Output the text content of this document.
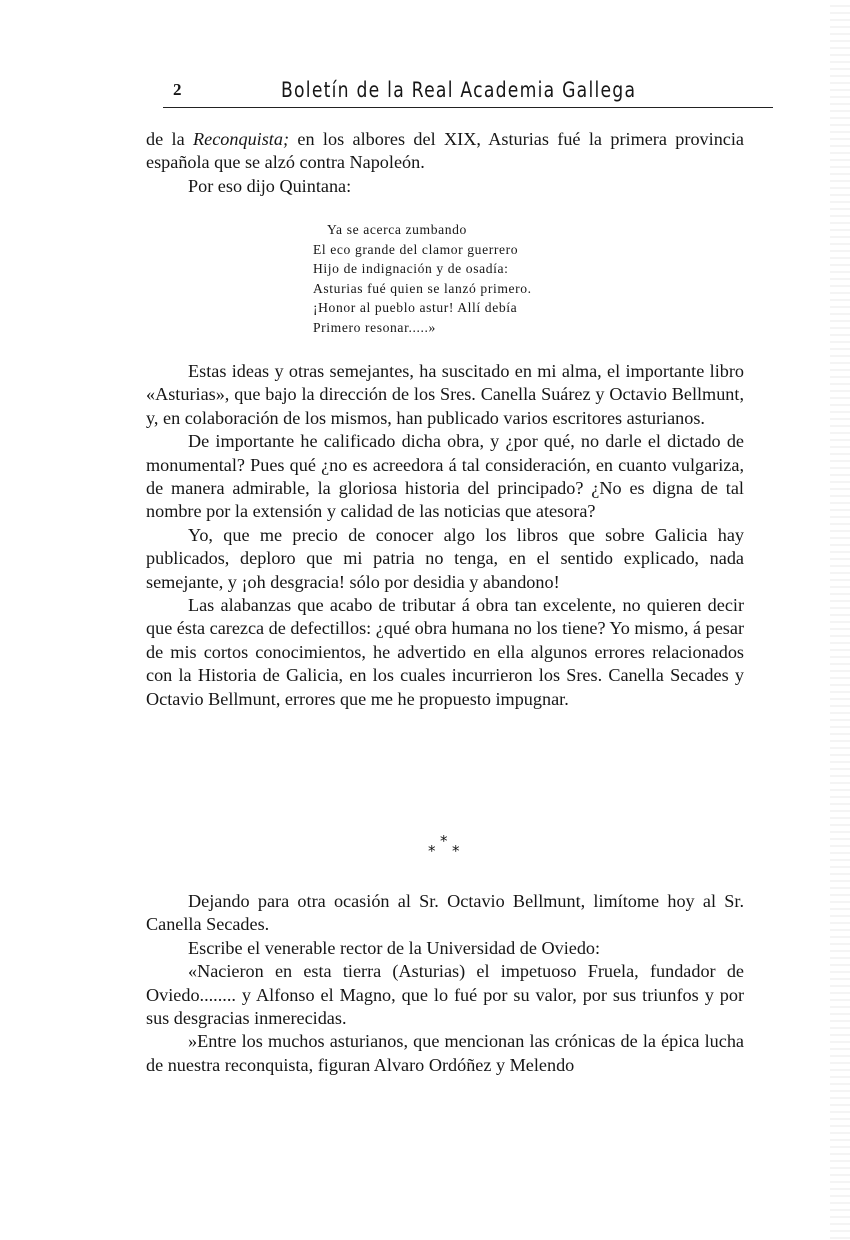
2	Boletín de la Real Academia Gallega

de la Reconquista; en los albores del XIX, Asturias fué la primera provincia española que se alzó contra Napoleón.

Por eso dijo Quintana:

Ya se acerca zumbando
El eco grande del clamor guerrero
Hijo de indignación y de osadía:
Asturias fué quien se lanzó primero.
¡Honor al pueblo astur! Allí debía
Primero resonar.....»

Estas ideas y otras semejantes, ha suscitado en mi alma, el importante libro «Asturias», que bajo la dirección de los Sres. Canella Suárez y Octavio Bellmunt, y, en colaboración de los mismos, han publicado varios escritores asturianos.

De importante he calificado dicha obra, y ¿por qué, no darle el dictado de monumental? Pues qué ¿no es acreedora á tal consideración, en cuanto vulgariza, de manera admirable, la gloriosa historia del principado? ¿No es digna de tal nombre por la extensión y calidad de las noticias que atesora?

Yo, que me precio de conocer algo los libros que sobre Galicia hay publicados, deploro que mi patria no tenga, en el sentido explicado, nada semejante, y ¡oh desgracia! sólo por desidia y abandono!

Las alabanzas que acabo de tributar á obra tan excelente, no quieren decir que ésta carezca de defectillos: ¿qué obra humana no los tiene? Yo mismo, á pesar de mis cortos conocimientos, he advertido en ella algunos errores relacionados con la Historia de Galicia, en los cuales incurrieron los Sres. Canella Secades y Octavio Bellmunt, errores que me he propuesto impugnar.

*
* *

Dejando para otra ocasión al Sr. Octavio Bellmunt, limítome hoy al Sr. Canella Secades.

Escribe el venerable rector de la Universidad de Oviedo:

«Nacieron en esta tierra (Asturias) el impetuoso Fruela, fundador de Oviedo........ y Alfonso el Magno, que lo fué por su valor, por sus triunfos y por sus desgracias inmerecidas.

»Entre los muchos asturianos, que mencionan las crónicas de la épica lucha de nuestra reconquista, figuran Alvaro Ordóñez y Melendo
